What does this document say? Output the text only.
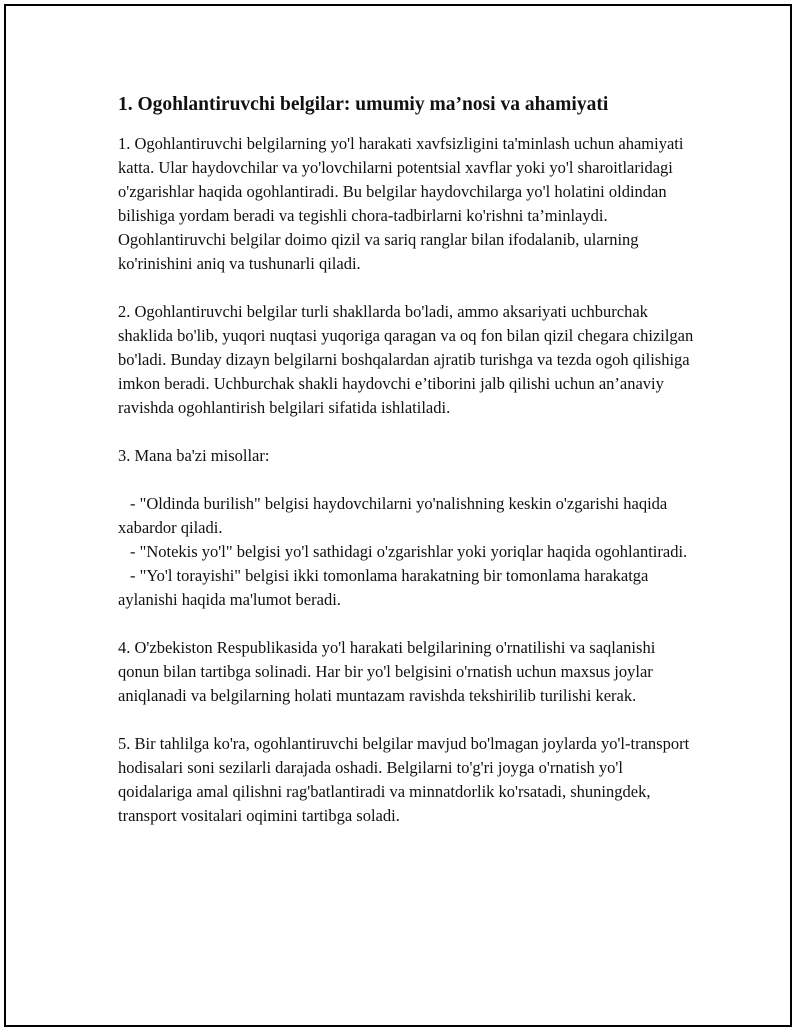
1. Ogohlantiruvchi belgilar: umumiy ma’nosi va ahamiyati

1. Ogohlantiruvchi belgilarning yo'l harakati xavfsizligini ta'minlash uchun ahamiyati katta. Ular haydovchilar va yo'lovchilarni potentsial xavflar yoki yo'l sharoitlaridagi o'zgarishlar haqida ogohlantiradi. Bu belgilar haydovchilarga yo'l holatini oldindan bilishiga yordam beradi va tegishli chora-tadbirlarni ko'rishni ta’minlaydi. Ogohlantiruvchi belgilar doimo qizil va sariq ranglar bilan ifodalanib, ularning ko'rinishini aniq va tushunarli qiladi.

2. Ogohlantiruvchi belgilar turli shakllarda bo'ladi, ammo aksariyati uchburchak shaklida bo'lib, yuqori nuqtasi yuqoriga qaragan va oq fon bilan qizil chegara chizilgan bo'ladi. Bunday dizayn belgilarni boshqalardan ajratib turishga va tezda ogoh qilishiga imkon beradi. Uchburchak shakli haydovchi e’tiborini jalb qilishi uchun an’anaviy ravishda ogohlantirish belgilari sifatida ishlatiladi.

3. Mana ba'zi misollar:

- "Oldinda burilish" belgisi haydovchilarni yo'nalishning keskin o'zgarishi haqida xabardor qiladi.
- "Notekis yo'l" belgisi yo'l sathidagi o'zgarishlar yoki yoriqlar haqida ogohlantiradi.
- "Yo'l torayishi" belgisi ikki tomonlama harakatning bir tomonlama harakatga aylanishi haqida ma'lumot beradi.

4. O'zbekiston Respublikasida yo'l harakati belgilarining o'rnatilishi va saqlanishi qonun bilan tartibga solinadi. Har bir yo'l belgisini o'rnatish uchun maxsus joylar aniqlanadi va belgilarning holati muntazam ravishda tekshirilib turilishi kerak.

5. Bir tahlilga ko'ra, ogohlantiruvchi belgilar mavjud bo'lmagan joylarda yo'l-transport hodisalari soni sezilarli darajada oshadi. Belgilarni to'g'ri joyga o'rnatish yo'l qoidalariga amal qilishni rag'batlantiradi va minnatdorlik ko'rsatadi, shuningdek, transport vositalari oqimini tartibga soladi.
